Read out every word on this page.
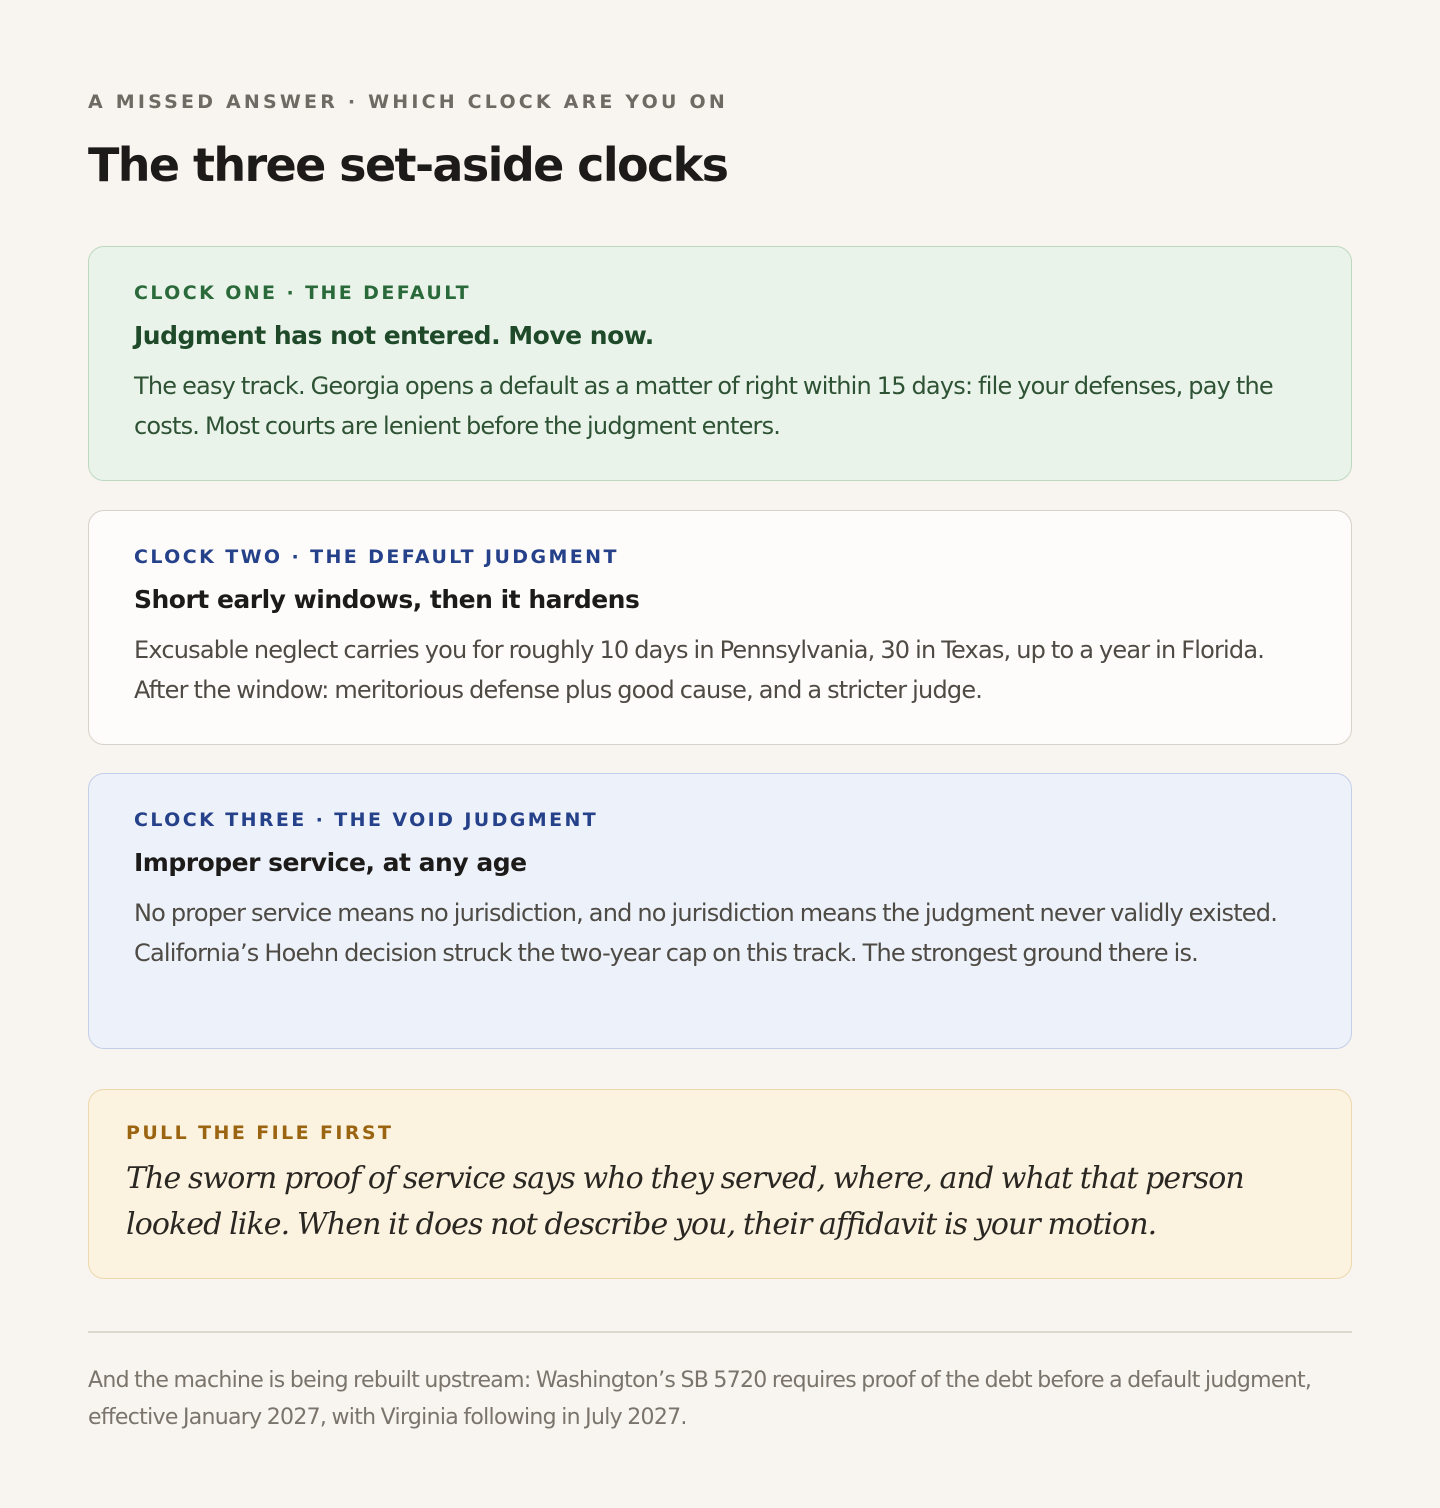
A MISSED ANSWER · WHICH CLOCK ARE YOU ON
The three set-aside clocks
CLOCK ONE · THE DEFAULT
Judgment has not entered. Move now.

The easy track. Georgia opens a default as a matter of right within 15 days: file your defenses, pay the costs. Most courts are lenient before the judgment enters.

CLOCK TWO · THE DEFAULT JUDGMENT
Short early windows, then it hardens

Excusable neglect carries you for roughly 10 days in Pennsylvania, 30 in Texas, up to a year in Florida. After the window: meritorious defense plus good cause, and a stricter judge.

CLOCK THREE · THE VOID JUDGMENT
Improper service, at any age

No proper service means no jurisdiction, and no jurisdiction means the judgment never validly existed. California’s Hoehn decision struck the two-year cap on this track. The strongest ground there is.

PULL THE FILE FIRST

The sworn proof of service says who they served, where, and what that person looked like. When it does not describe you, their affidavit is your motion.

And the machine is being rebuilt upstream: Washington’s SB 5720 requires proof of the debt before a default judgment, effective January 2027, with Virginia following in July 2027.
